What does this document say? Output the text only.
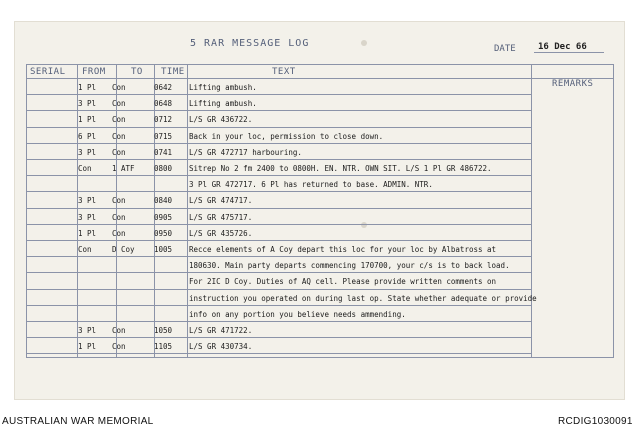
5 RAR MESSAGE LOG	DATE	16 Dec 66
SERIAL FROM	TO TIME	TEXT
REMARKS
1 Pl Con	0642 Lifting ambush.
3 Pl Con	0648 Lifting ambush.
1 Pl Con	0712 L/S GR 436722.
6 Pl Con	0715 Back in your loc, permission to close down.
3 Pl Con	0741 L/S GR 472717 harbouring.
Con	1 ATF	0800 Sitrep No 2 fm 2400 to 0800H. EN. NTR. OWN SIT. L/S 1 Pl GR 486722.
3 Pl GR 472717. 6 Pl has returned to base. ADMIN. NTR.
3 Pl Con	0840 L/S GR 474717.
3 Pl Con	0905 L/S GR 475717.
1 Pl Con	0950 L/S GR 435726.
Con	D Coy	1005 Recce elements of A Coy depart this loc for your loc by Albatross at
180630. Main party departs commencing 170700, your c/s is to back load.
For 2IC D Coy. Duties of AQ cell. Please provide written comments on
instruction you operated on during last op. State whether adequate or provide
info on any portion you believe needs ammending.
3 Pl Con	1050 L/S GR 471722.
1 Pl Con	1105 L/S GR 430734.
AUSTRALIAN WAR MEMORIAL	RCDIG1030091
